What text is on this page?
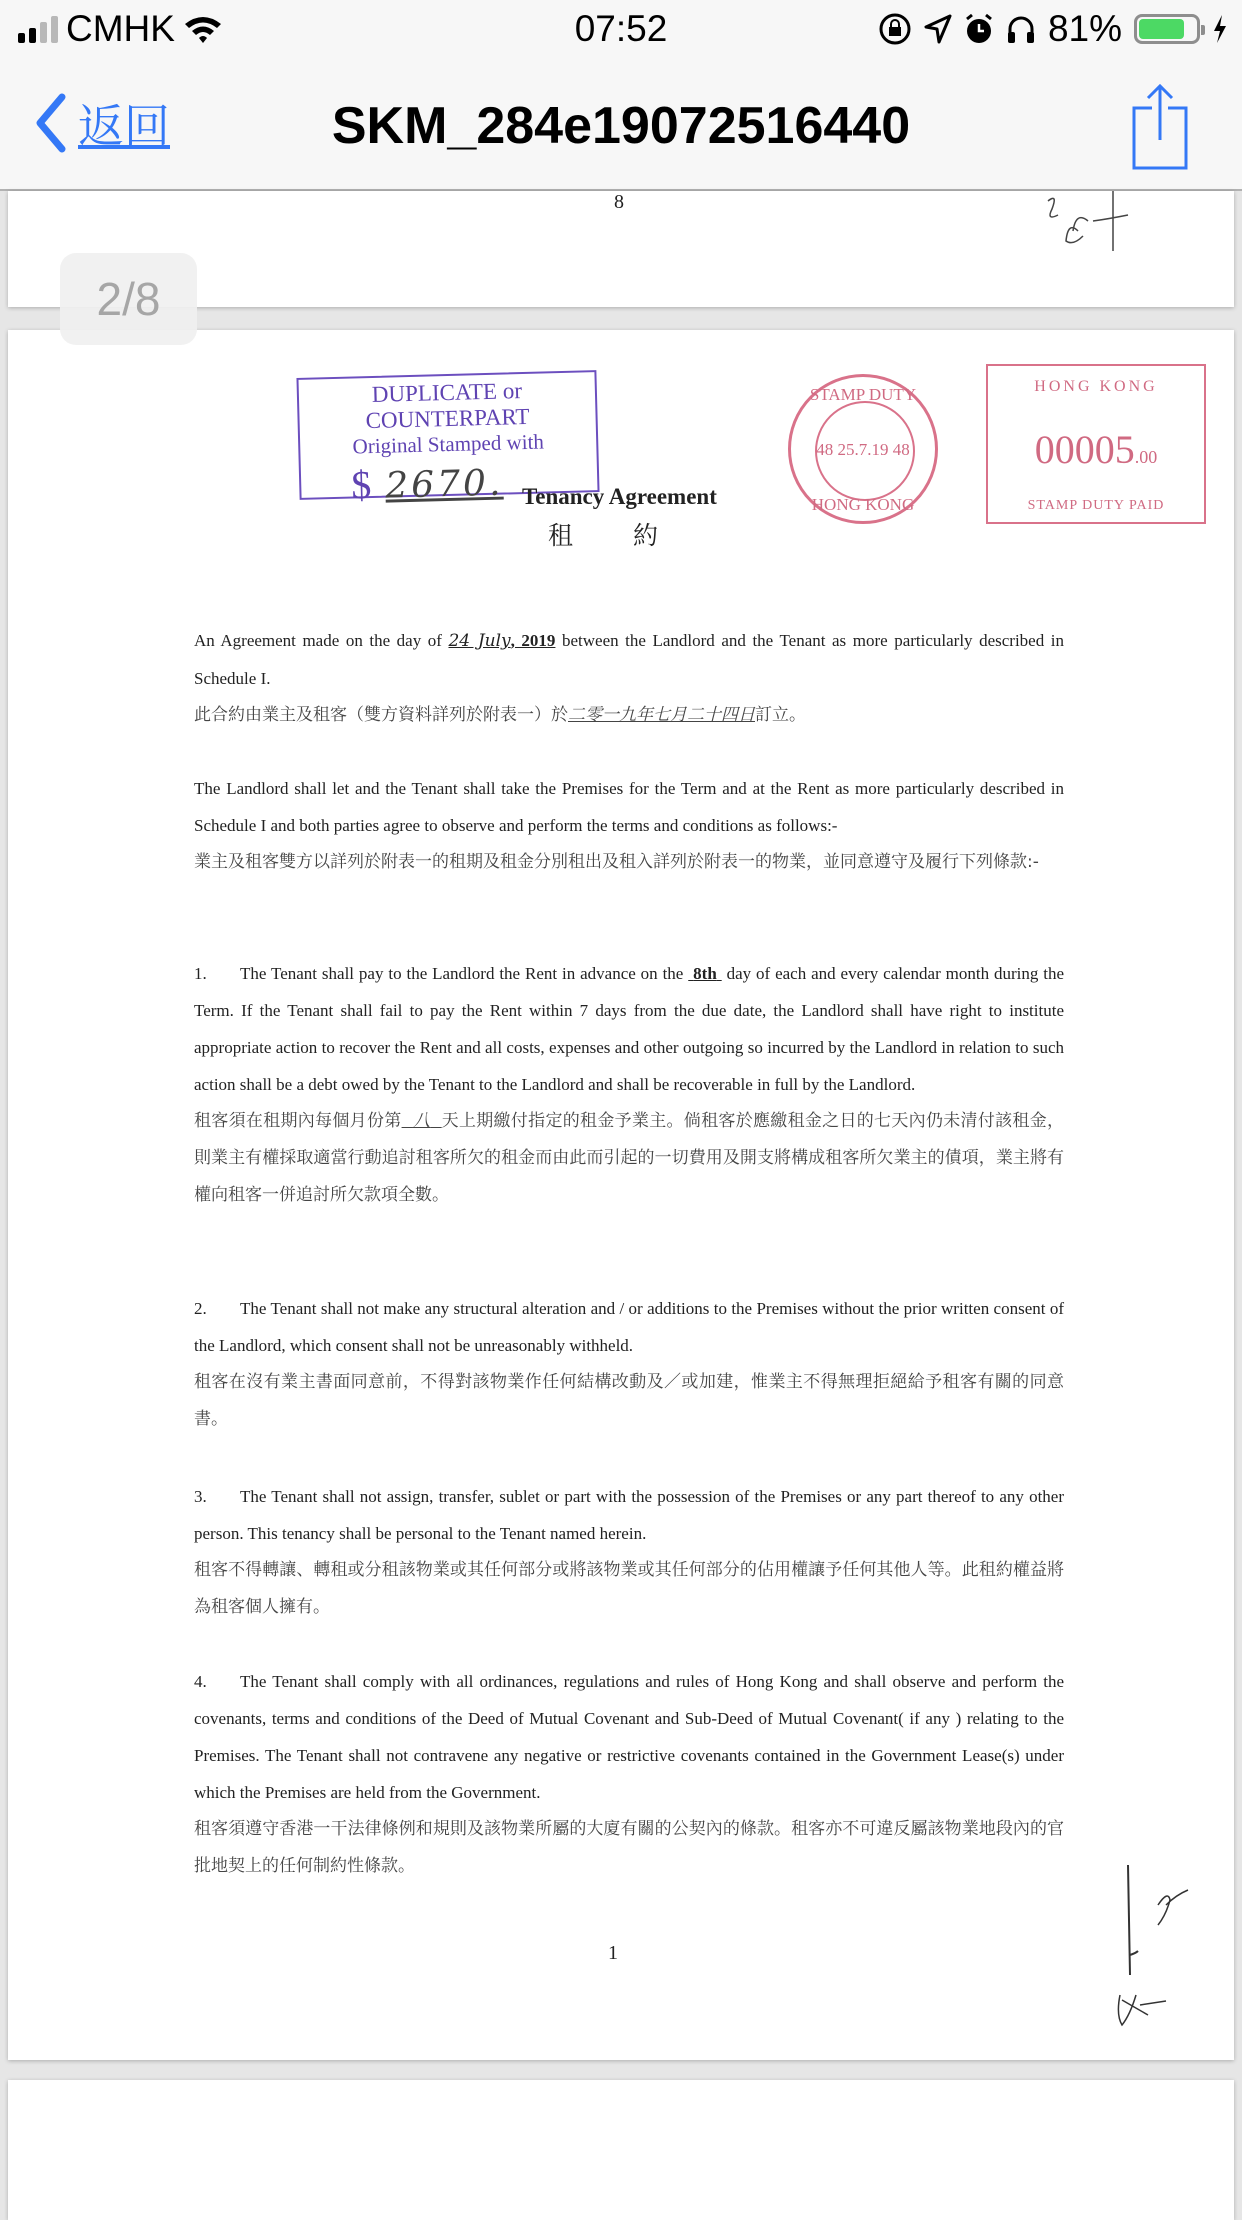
CMHK	07:52	81%
返回	SKM_284e19072516440
8
2/8
DUPLICATE or COUNTERPART
Original Stamped with
$ 2670. Tenancy Agreement
租約
STAMP DUTY
48 25.7.19 48
HONG KONG
HONG KONG
00005.00
STAMP DUTY PAID
An Agreement made on the day of 24 July, 2019 between the Landlord and the Tenant as more particularly described in Schedule I.
此合約由業主及租客（雙方資料詳列於附表一）於二零一九年七月二十四日訂立。
The Landlord shall let and the Tenant shall take the Premises for the Term and at the Rent as more particularly described in Schedule I and both parties agree to observe and perform the terms and conditions as follows:-
業主及租客雙方以詳列於附表一的租期及租金分別租出及租入詳列於附表一的物業，並同意遵守及履行下列條款:-
1. The Tenant shall pay to the Landlord the Rent in advance on the  8th  day of each and every calendar month during the Term. If the Tenant shall fail to pay the Rent within 7 days from the due date, the Landlord shall have right to institute appropriate action to recover the Rent and all costs, expenses and other outgoing so incurred by the Landlord in relation to such action shall be a debt owed by the Tenant to the Landlord and shall be recoverable in full by the Landlord.
租客須在租期內每個月份第 八 天上期繳付指定的租金予業主。倘租客於應繳租金之日的七天內仍未清付該租金，則業主有權採取適當行動追討租客所欠的租金而由此而引起的一切費用及開支將構成租客所欠業主的債項，業主將有權向租客一併追討所欠款項全數。
2. The Tenant shall not make any structural alteration and / or additions to the Premises without the prior written consent of the Landlord, which consent shall not be unreasonably withheld.
租客在沒有業主書面同意前，不得對該物業作任何結構改動及／或加建，惟業主不得無理拒絕給予租客有關的同意書。
3. The Tenant shall not assign, transfer, sublet or part with the possession of the Premises or any part thereof to any other person. This tenancy shall be personal to the Tenant named herein.
租客不得轉讓、轉租或分租該物業或其任何部分或將該物業或其任何部分的佔用權讓予任何其他人等。此租約權益將為租客個人擁有。
4. The Tenant shall comply with all ordinances, regulations and rules of Hong Kong and shall observe and perform the covenants, terms and conditions of the Deed of Mutual Covenant and Sub-Deed of Mutual Covenant( if any ) relating to the Premises. The Tenant shall not contravene any negative or restrictive covenants contained in the Government Lease(s) under which the Premises are held from the Government.
租客須遵守香港一干法律條例和規則及該物業所屬的大廈有關的公契內的條款。租客亦不可違反屬該物業地段內的官批地契上的任何制約性條款。
1
